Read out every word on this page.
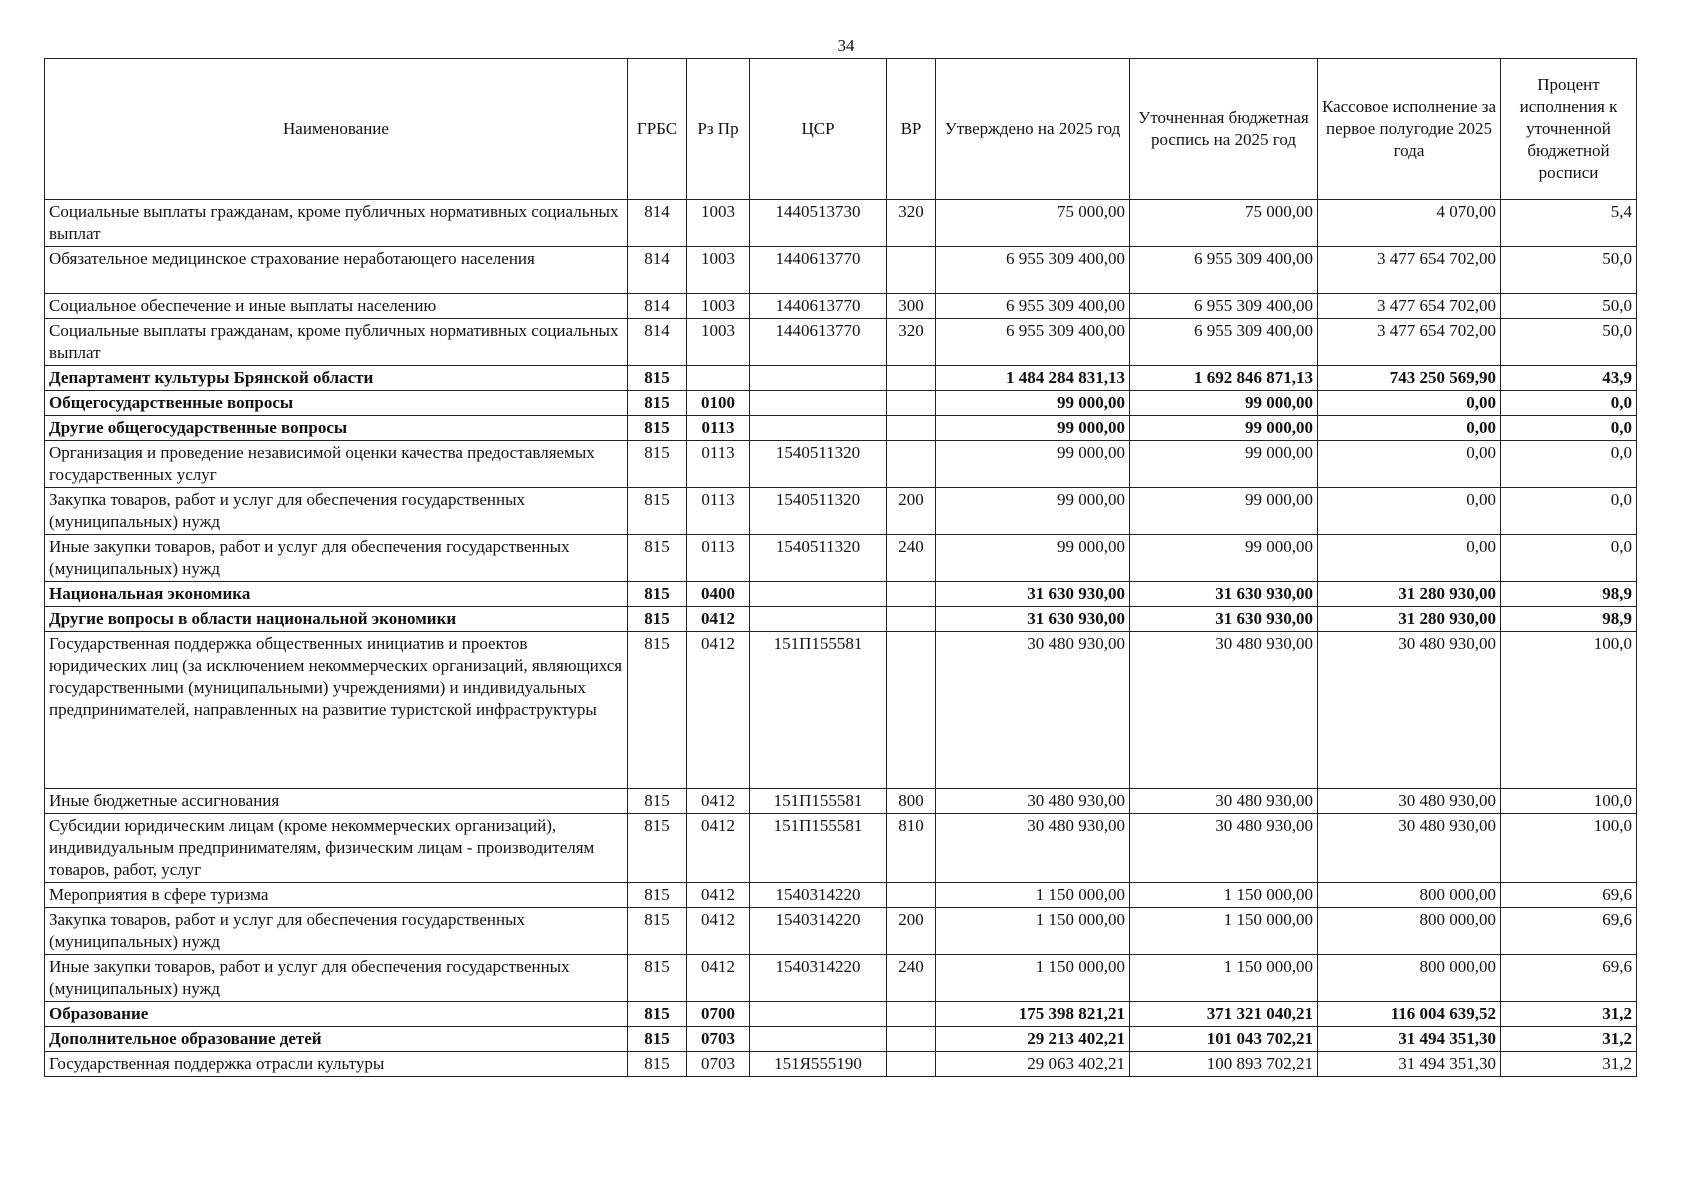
34
Наименование	ГРБС	Рз Пр	ЦСР	ВР	Утверждено на 2025 год	Уточненная бюджетная роспись на 2025 год	Кассовое исполнение за первое полугодие 2025 года	Процент исполнения к уточненной бюджетной росписи
Социальные выплаты гражданам, кроме публичных нормативных социальных выплат	814	1003	1440513730	320	75 000,00	75 000,00	4 070,00	5,4
Обязательное медицинское страхование неработающего населения	814	1003	1440613770		6 955 309 400,00	6 955 309 400,00	3 477 654 702,00	50,0
Социальное обеспечение и иные выплаты населению	814	1003	1440613770	300	6 955 309 400,00	6 955 309 400,00	3 477 654 702,00	50,0
Социальные выплаты гражданам, кроме публичных нормативных социальных выплат	814	1003	1440613770	320	6 955 309 400,00	6 955 309 400,00	3 477 654 702,00	50,0
Департамент культуры Брянской области	815				1 484 284 831,13	1 692 846 871,13	743 250 569,90	43,9
Общегосударственные вопросы	815	0100			99 000,00	99 000,00	0,00	0,0
Другие общегосударственные вопросы	815	0113			99 000,00	99 000,00	0,00	0,0
Организация и проведение независимой оценки качества предоставляемых государственных услуг	815	0113	1540511320		99 000,00	99 000,00	0,00	0,0
Закупка товаров, работ и услуг для обеспечения государственных (муниципальных) нужд	815	0113	1540511320	200	99 000,00	99 000,00	0,00	0,0
Иные закупки товаров, работ и услуг для обеспечения государственных (муниципальных) нужд	815	0113	1540511320	240	99 000,00	99 000,00	0,00	0,0
Национальная экономика	815	0400			31 630 930,00	31 630 930,00	31 280 930,00	98,9
Другие вопросы в области национальной экономики	815	0412			31 630 930,00	31 630 930,00	31 280 930,00	98,9
Государственная поддержка общественных инициатив и проектов юридических лиц (за исключением некоммерческих организаций, являющихся государственными (муниципальными) учреждениями) и индивидуальных предпринимателей, направленных на развитие туристской инфраструктуры	815	0412	151П155581		30 480 930,00	30 480 930,00	30 480 930,00	100,0
Иные бюджетные ассигнования	815	0412	151П155581	800	30 480 930,00	30 480 930,00	30 480 930,00	100,0
Субсидии юридическим лицам (кроме некоммерческих организаций), индивидуальным предпринимателям, физическим лицам - производителям товаров, работ, услуг	815	0412	151П155581	810	30 480 930,00	30 480 930,00	30 480 930,00	100,0
Мероприятия в сфере туризма	815	0412	1540314220		1 150 000,00	1 150 000,00	800 000,00	69,6
Закупка товаров, работ и услуг для обеспечения государственных (муниципальных) нужд	815	0412	1540314220	200	1 150 000,00	1 150 000,00	800 000,00	69,6
Иные закупки товаров, работ и услуг для обеспечения государственных (муниципальных) нужд	815	0412	1540314220	240	1 150 000,00	1 150 000,00	800 000,00	69,6
Образование	815	0700			175 398 821,21	371 321 040,21	116 004 639,52	31,2
Дополнительное образование детей	815	0703			29 213 402,21	101 043 702,21	31 494 351,30	31,2
Государственная поддержка отрасли культуры	815	0703	151Я555190		29 063 402,21	100 893 702,21	31 494 351,30	31,2
